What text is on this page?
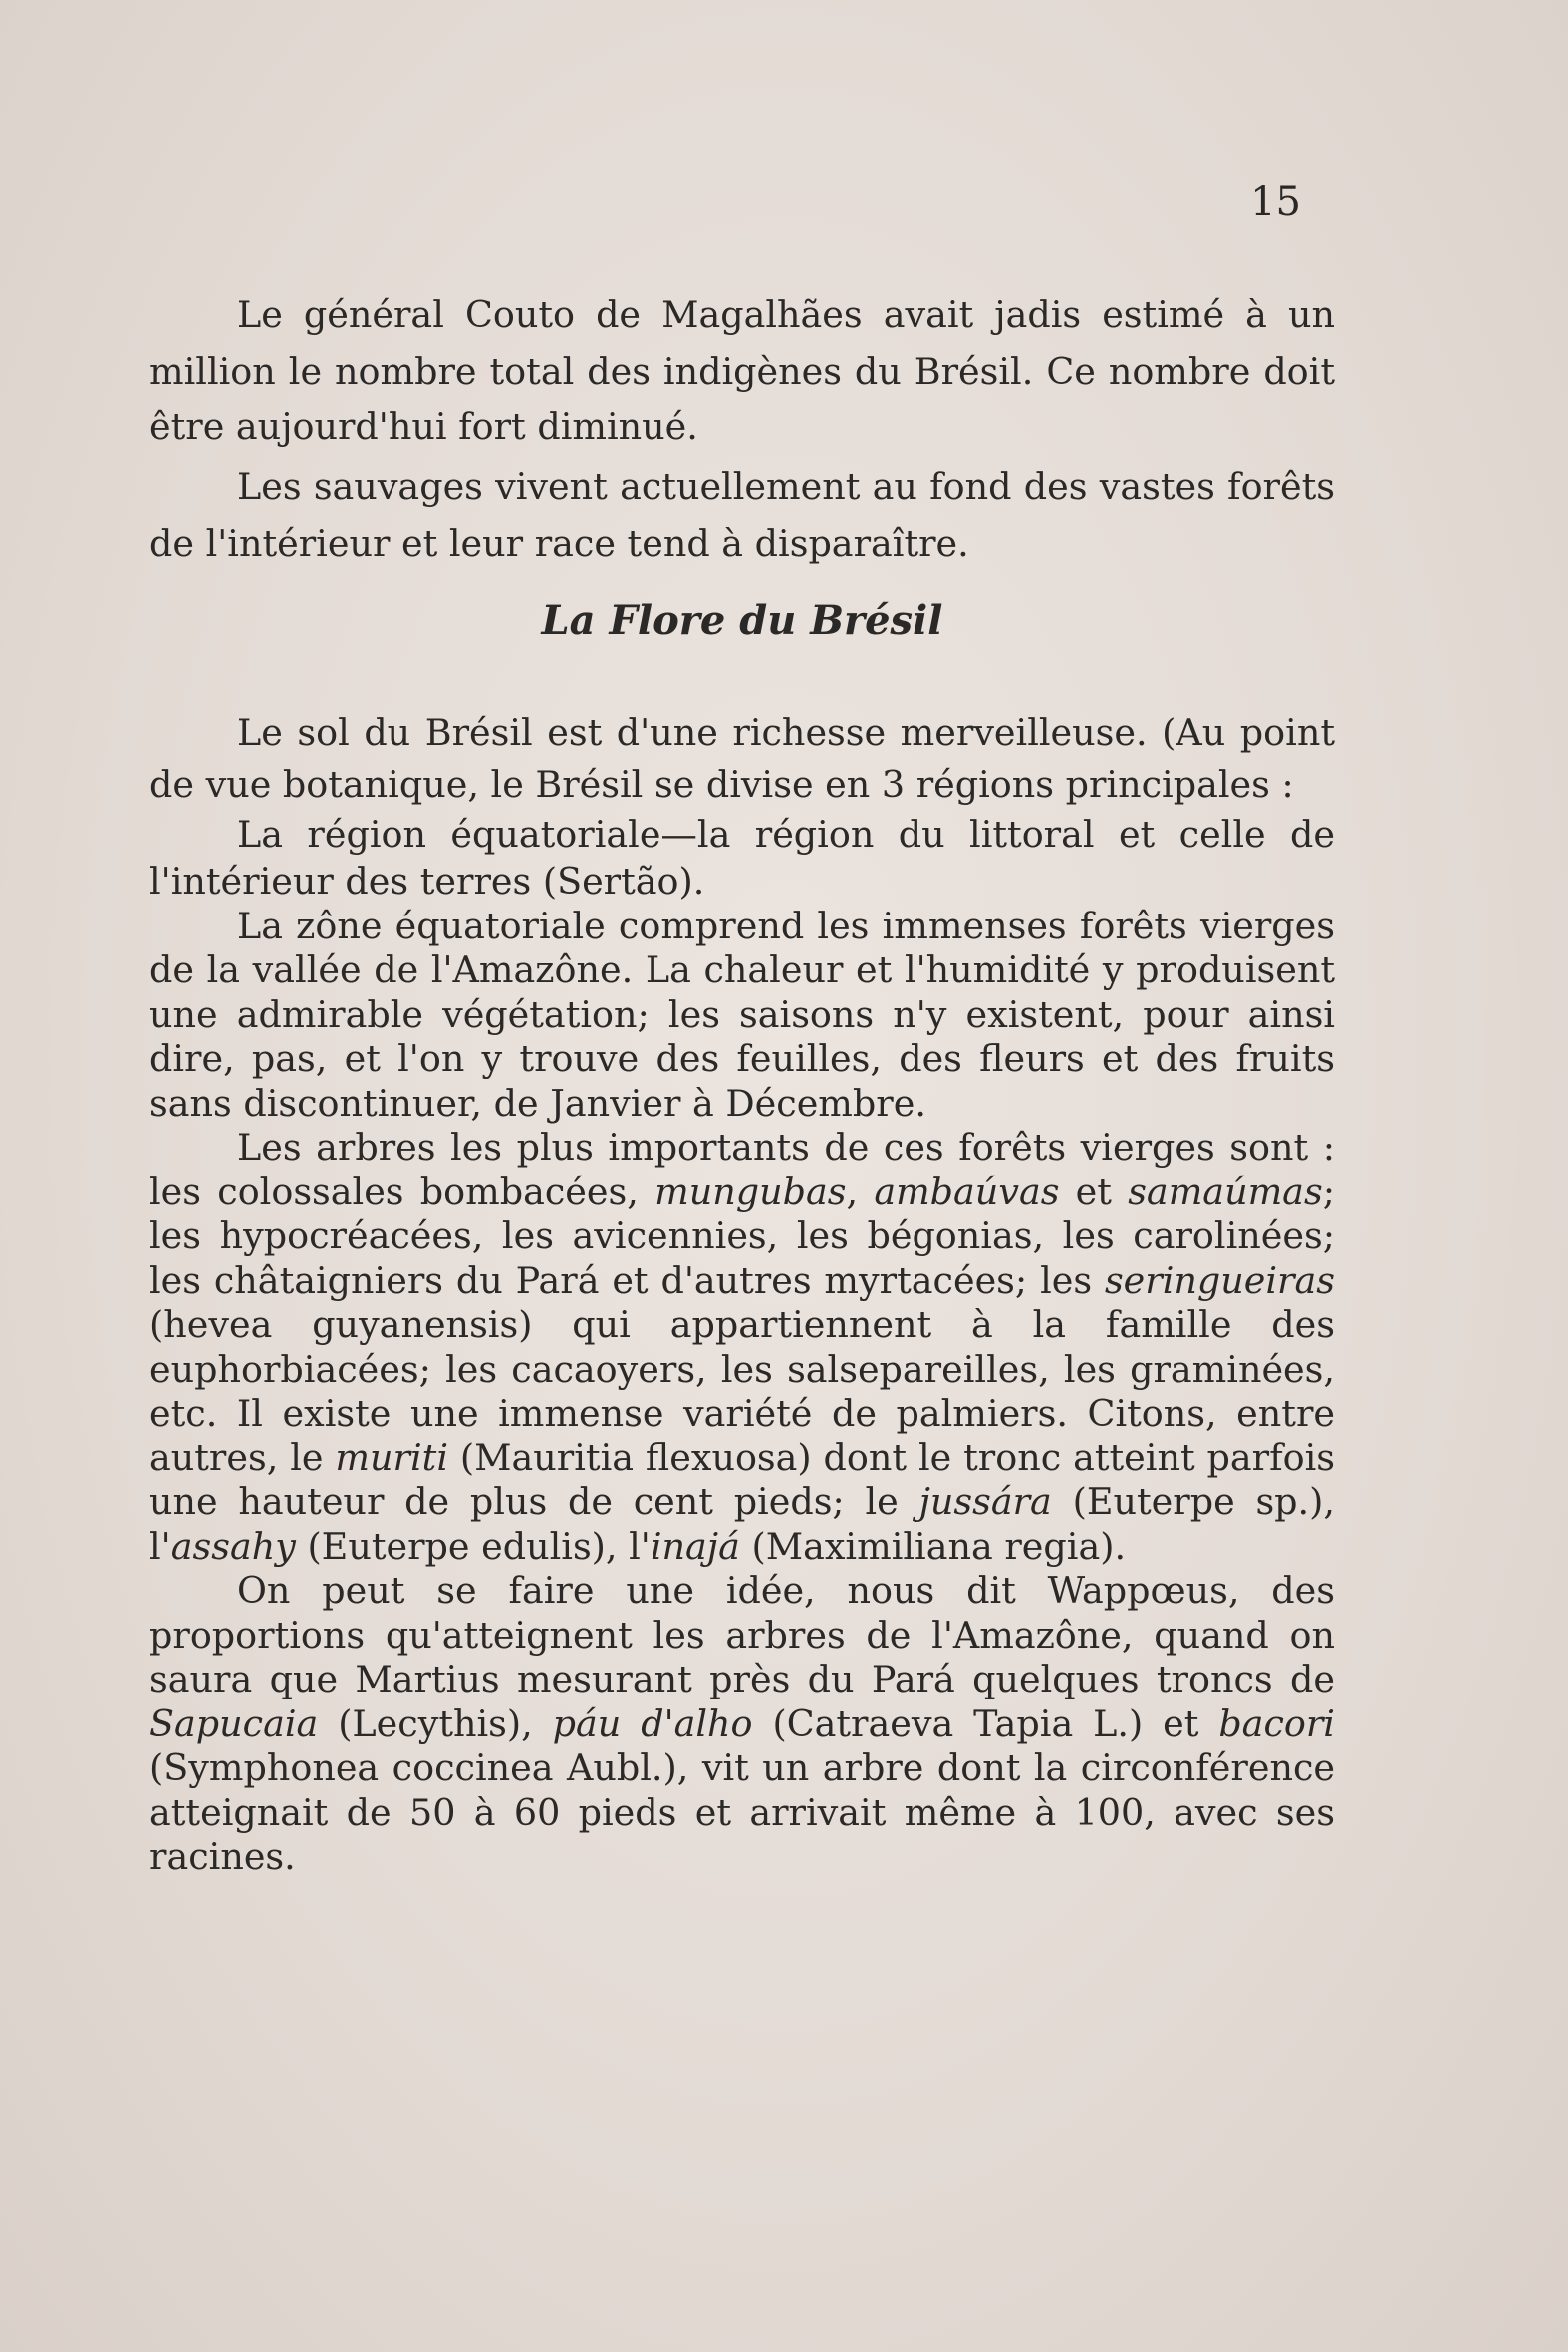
15

Le général Couto de Magalhães avait jadis estimé à un million le nombre total des indigènes du Brésil. Ce nombre doit être aujourd'hui fort diminué.

Les sauvages vivent actuellement au fond des vastes forêts de l'intérieur et leur race tend à disparaître.

La Flore du Brésil

Le sol du Brésil est d'une richesse merveilleuse. (Au point de vue botanique, le Brésil se divise en 3 régions principales :

La région équatoriale—la région du littoral et celle de l'intérieur des terres (Sertão).

La zône équatoriale comprend les immenses forêts vierges de la vallée de l'Amazône. La chaleur et l'humidité y produisent une admirable végétation; les saisons n'y existent, pour ainsi dire, pas, et l'on y trouve des feuilles, des fleurs et des fruits sans discontinuer, de Janvier à Décembre.

Les arbres les plus importants de ces forêts vierges sont : les colossales bombacées, mungubas, ambaúvas et samaúmas; les hypocréacées, les avicennies, les bégonias, les carolinées; les châtaigniers du Pará et d'autres myrtacées; les seringueiras (hevea guyanensis) qui appartiennent à la famille des euphorbiacées; les cacaoyers, les salsepareilles, les graminées, etc. Il existe une immense variété de palmiers. Citons, entre autres, le muriti (Mauritia flexuosa) dont le tronc atteint parfois une hauteur de plus de cent pieds; le jussára (Euterpe sp.), l'assahy (Euterpe edulis), l'inajá (Maximiliana regia).

On peut se faire une idée, nous dit Wappœus, des proportions qu'atteignent les arbres de l'Amazône, quand on saura que Martius mesurant près du Pará quelques troncs de Sapucaia (Lecythis), páu d'alho (Catraeva Tapia L.) et bacori (Symphonea coccinea Aubl.), vit un arbre dont la circonférence atteignait de 50 à 60 pieds et arrivait même à 100, avec ses racines.
